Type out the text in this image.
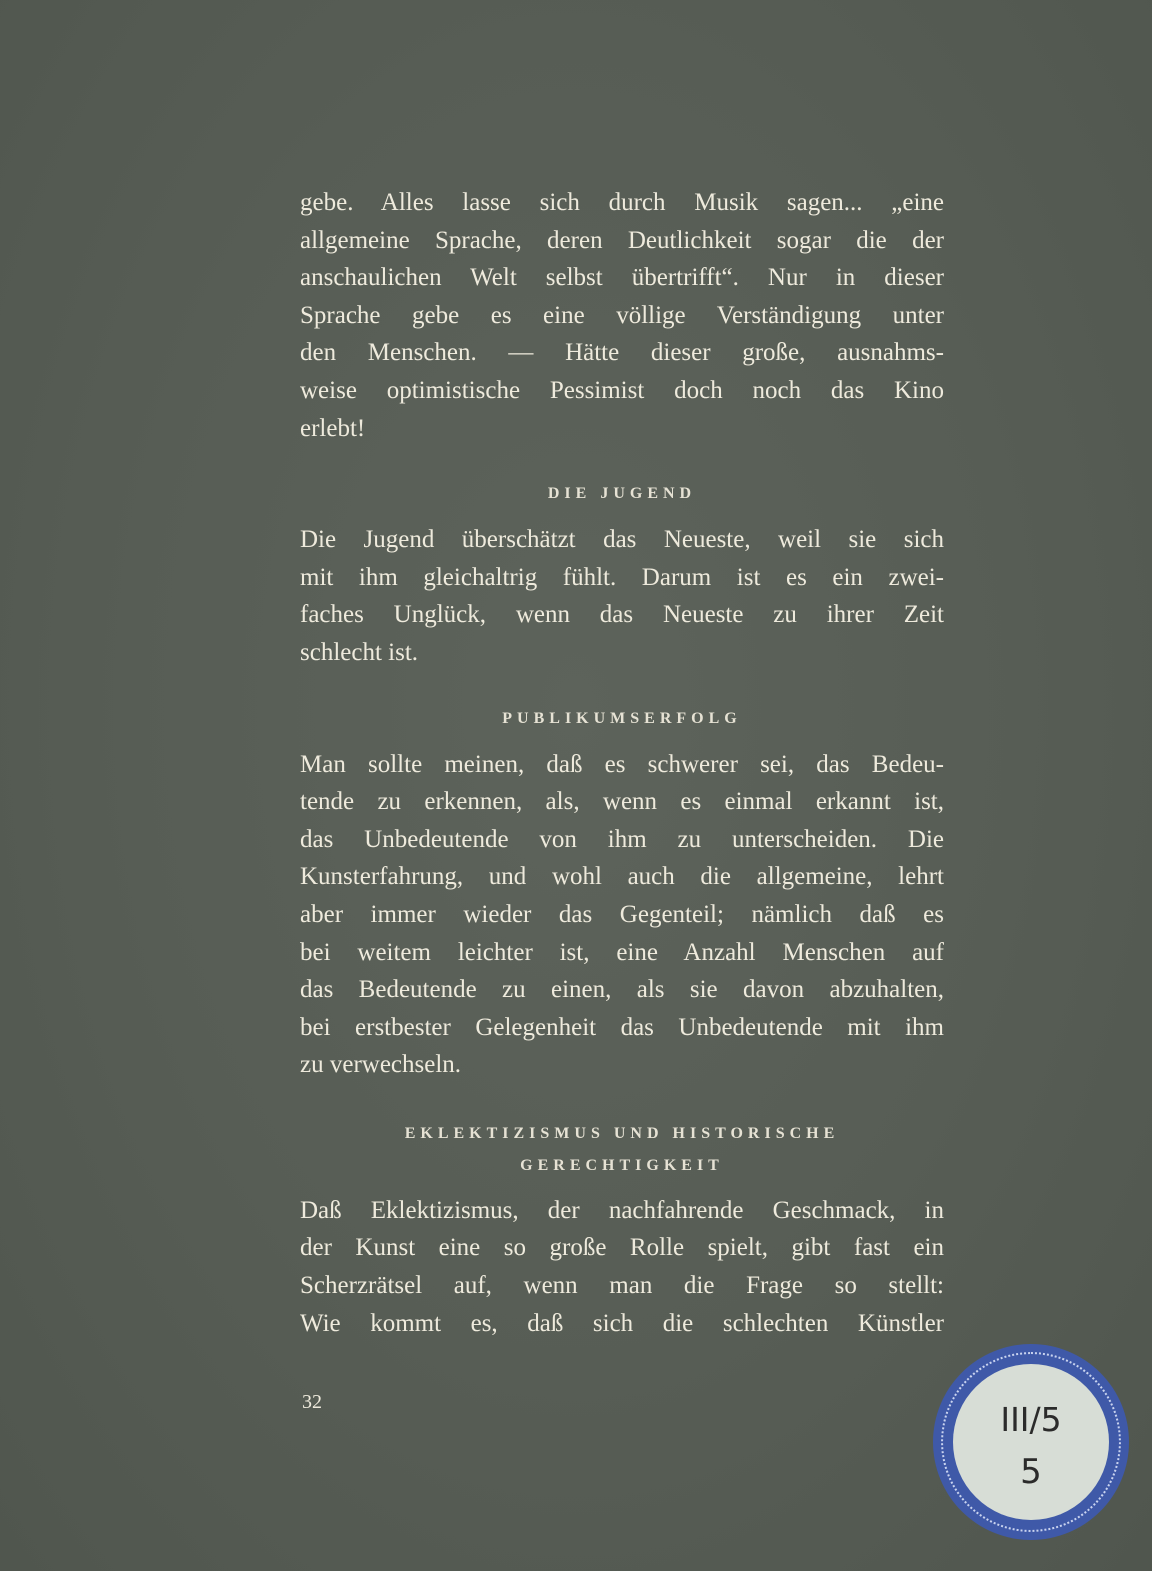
gebe. Alles lasse sich durch Musik sagen... „eine
allgemeine Sprache, deren Deutlichkeit sogar die der
anschaulichen Welt selbst übertrifft“. Nur in dieser
Sprache gebe es eine völlige Verständigung unter
den Menschen. — Hätte dieser große, ausnahms-
weise optimistische Pessimist doch noch das Kino
erlebt!

DIE JUGEND

Die Jugend überschätzt das Neueste, weil sie sich
mit ihm gleichaltrig fühlt. Darum ist es ein zwei-
faches Unglück, wenn das Neueste zu ihrer Zeit
schlecht ist.

PUBLIKUMSERFOLG

Man sollte meinen, daß es schwerer sei, das Bedeu-
tende zu erkennen, als, wenn es einmal erkannt ist,
das Unbedeutende von ihm zu unterscheiden. Die
Kunsterfahrung, und wohl auch die allgemeine, lehrt
aber immer wieder das Gegenteil; nämlich daß es
bei weitem leichter ist, eine Anzahl Menschen auf
das Bedeutende zu einen, als sie davon abzuhalten,
bei erstbester Gelegenheit das Unbedeutende mit ihm
zu verwechseln.

EKLEKTIZISMUS UND HISTORISCHE
GERECHTIGKEIT

Daß Eklektizismus, der nachfahrende Geschmack, in
der Kunst eine so große Rolle spielt, gibt fast ein
Scherzrätsel auf, wenn man die Frage so stellt:
Wie kommt es, daß sich die schlechten Künstler

32	III/5
5
